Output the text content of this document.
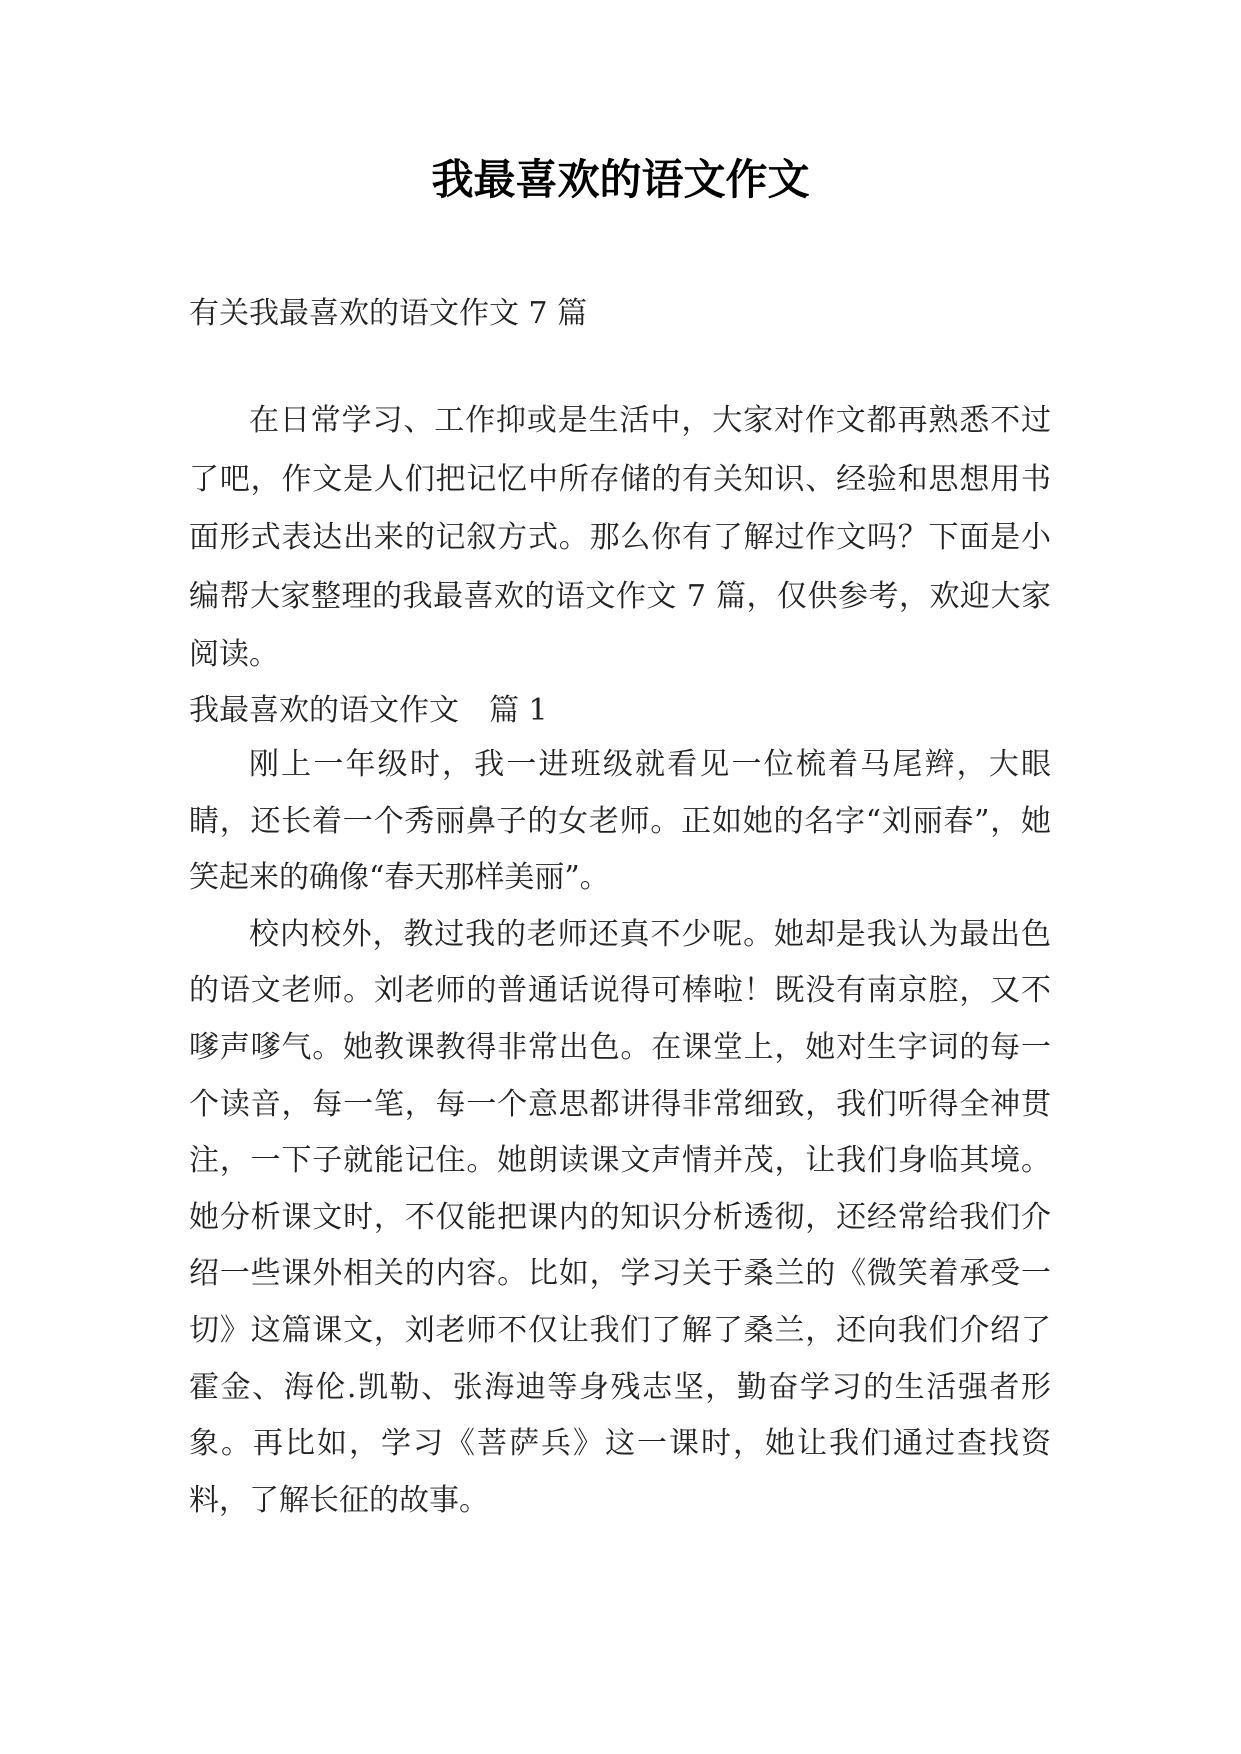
我最喜欢的语文作文

有关我最喜欢的语文作文 7 篇

在日常学习、工作抑或是生活中，大家对作文都再熟悉不过了吧，作文是人们把记忆中所存储的有关知识、经验和思想用书面形式表达出来的记叙方式。那么你有了解过作文吗？下面是小编帮大家整理的我最喜欢的语文作文 7 篇，仅供参考，欢迎大家阅读。

我最喜欢的语文作文　篇 1

刚上一年级时，我一进班级就看见一位梳着马尾辫，大眼睛，还长着一个秀丽鼻子的女老师。正如她的名字“刘丽春”，她笑起来的确像“春天那样美丽”。

校内校外，教过我的老师还真不少呢。她却是我认为最出色的语文老师。刘老师的普通话说得可棒啦！既没有南京腔，又不嗲声嗲气。她教课教得非常出色。在课堂上，她对生字词的每一个读音，每一笔，每一个意思都讲得非常细致，我们听得全神贯注，一下子就能记住。她朗读课文声情并茂，让我们身临其境。她分析课文时，不仅能把课内的知识分析透彻，还经常给我们介绍一些课外相关的内容。比如，学习关于桑兰的《微笑着承受一切》这篇课文，刘老师不仅让我们了解了桑兰，还向我们介绍了霍金、海伦.凯勒、张海迪等身残志坚，勤奋学习的生活强者形象。再比如，学习《菩萨兵》这一课时，她让我们通过查找资料，了解长征的故事。
